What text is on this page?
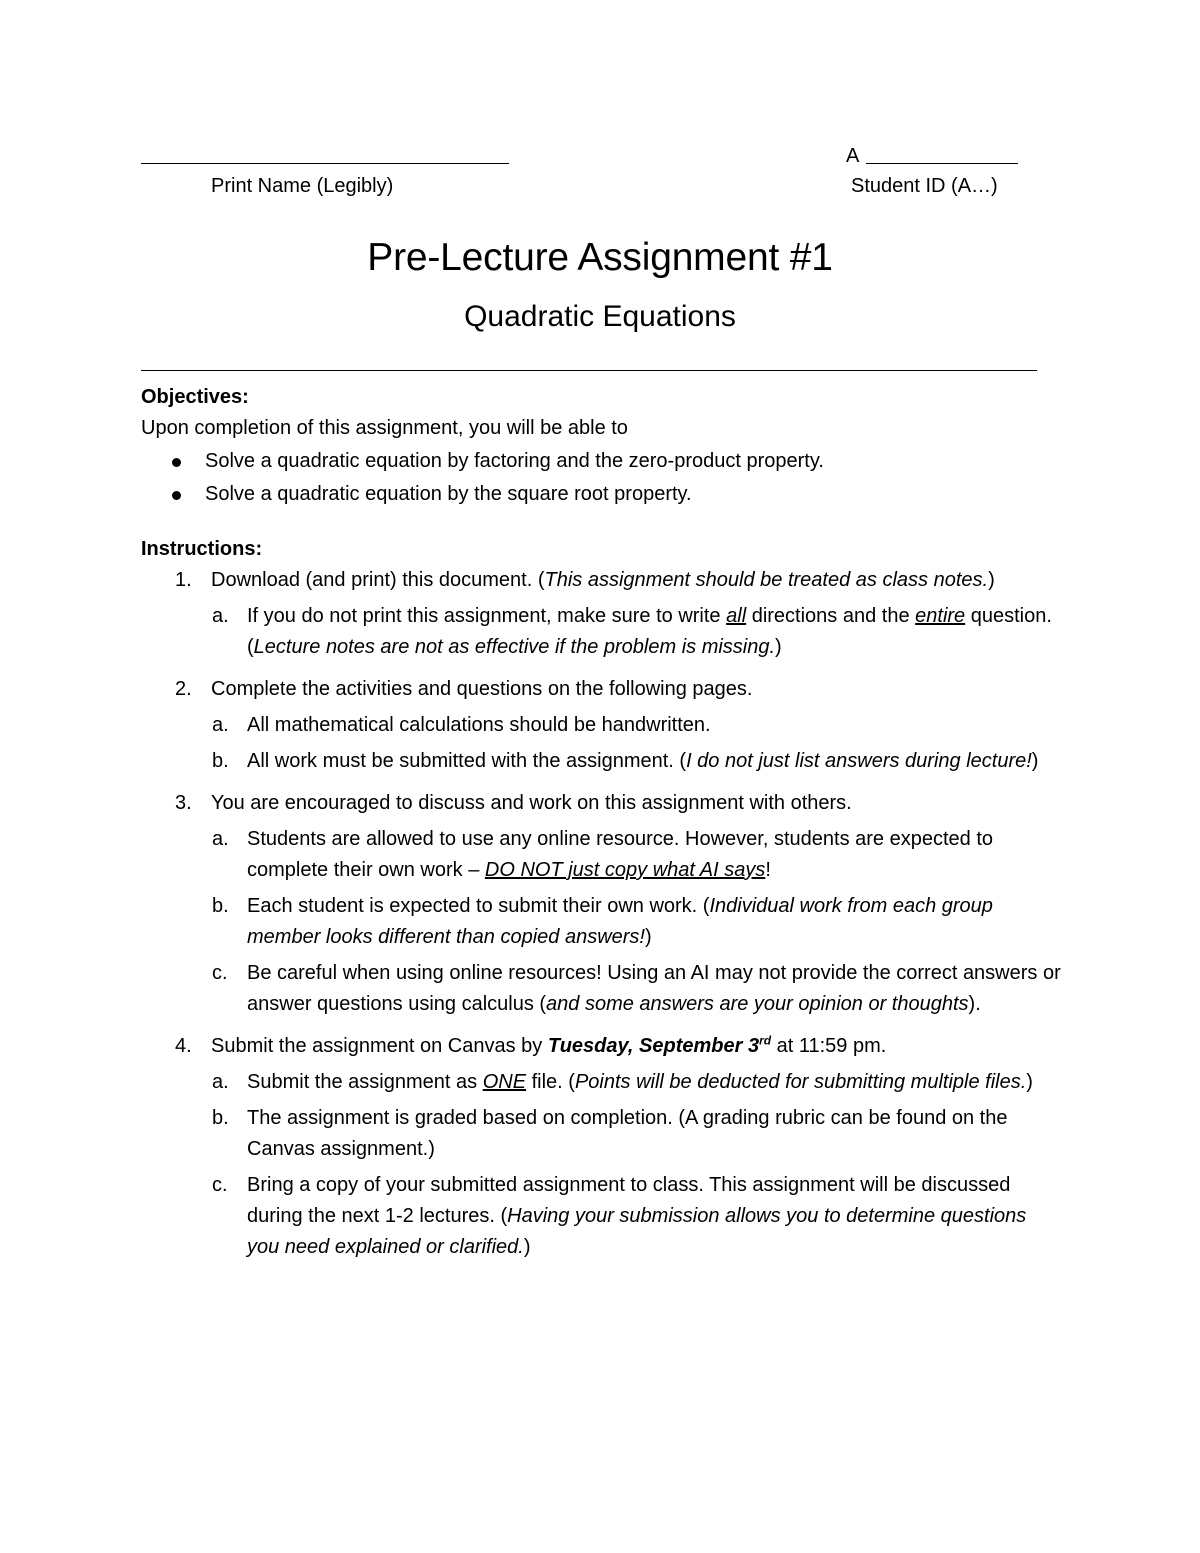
Print Name (Legibly)
A
Student ID (A…)
Pre-Lecture Assignment #1
Quadratic Equations

Objectives:

Upon completion of this assignment, you will be able to

Solve a quadratic equation by factoring and the zero-product property.
Solve a quadratic equation by the square root property.

Instructions:

1. Download (and print) this document. (This assignment should be treated as class notes.)
a. If you do not print this assignment, make sure to write all directions and the entire question. (Lecture notes are not as effective if the problem is missing.)
2. Complete the activities and questions on the following pages.
a. All mathematical calculations should be handwritten.
b. All work must be submitted with the assignment. (I do not just list answers during lecture!)
3. You are encouraged to discuss and work on this assignment with others.
a. Students are allowed to use any online resource. However, students are expected to complete their own work – DO NOT just copy what AI says!
b. Each student is expected to submit their own work. (Individual work from each group member looks different than copied answers!)
c. Be careful when using online resources! Using an AI may not provide the correct answers or answer questions using calculus (and some answers are your opinion or thoughts).
4. Submit the assignment on Canvas by Tuesday, September 3rd at 11:59 pm.
a. Submit the assignment as ONE file. (Points will be deducted for submitting multiple files.)
b. The assignment is graded based on completion. (A grading rubric can be found on the Canvas assignment.)
c. Bring a copy of your submitted assignment to class. This assignment will be discussed during the next 1-2 lectures. (Having your submission allows you to determine questions you need explained or clarified.)
